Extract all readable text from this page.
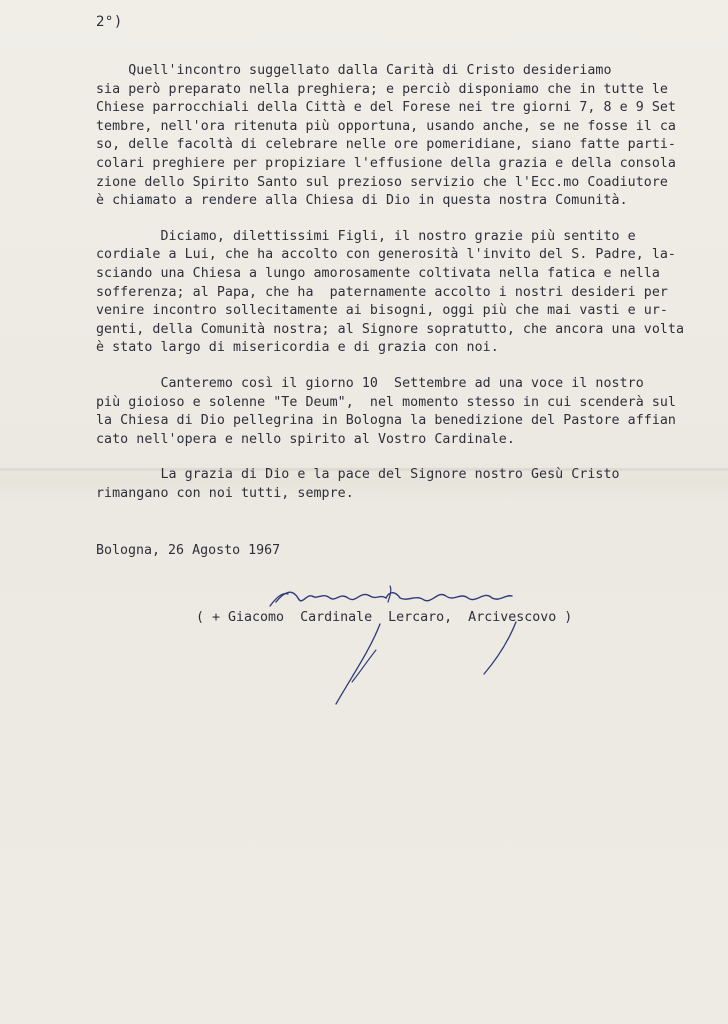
2°)

Quell'incontro suggellato dalla Carità di Cristo desideriamo
sia però preparato nella preghiera; e perciò disponiamo che in tutte le
Chiese parrocchiali della Città e del Forese nei tre giorni 7, 8 e 9 Set
tembre, nell'ora ritenuta più opportuna, usando anche, se ne fosse il ca
so, delle facoltà di celebrare nelle ore pomeridiane, siano fatte parti-
colari preghiere per propiziare l'effusione della grazia e della consola
zione dello Spirito Santo sul prezioso servizio che l'Ecc.mo Coadiutore
è chiamato a rendere alla Chiesa di Dio in questa nostra Comunità.

Diciamo, dilettissimi Figli, il nostro grazie più sentito e
cordiale a Lui, che ha accolto con generosità l'invito del S. Padre, la-
sciando una Chiesa a lungo amorosamente coltivata nella fatica e nella
sofferenza; al Papa, che ha  paternamente accolto i nostri desideri per
venire incontro sollecitamente ai bisogni, oggi più che mai vasti e ur-
genti, della Comunità nostra; al Signore sopratutto, che ancora una volta
è stato largo di misericordia e di grazia con noi.

Canteremo così il giorno 10  Settembre ad una voce il nostro
più gioioso e solenne "Te Deum",  nel momento stesso in cui scenderà sul
la Chiesa di Dio pellegrina in Bologna la benedizione del Pastore affian
cato nell'opera e nello spirito al Vostro Cardinale.

La grazia di Dio e la pace del Signore nostro Gesù Cristo
rimangano con noi tutti, sempre.

Bologna, 26 Agosto 1967
( + Giacomo  Cardinale  Lercaro,  Arcivescovo )
